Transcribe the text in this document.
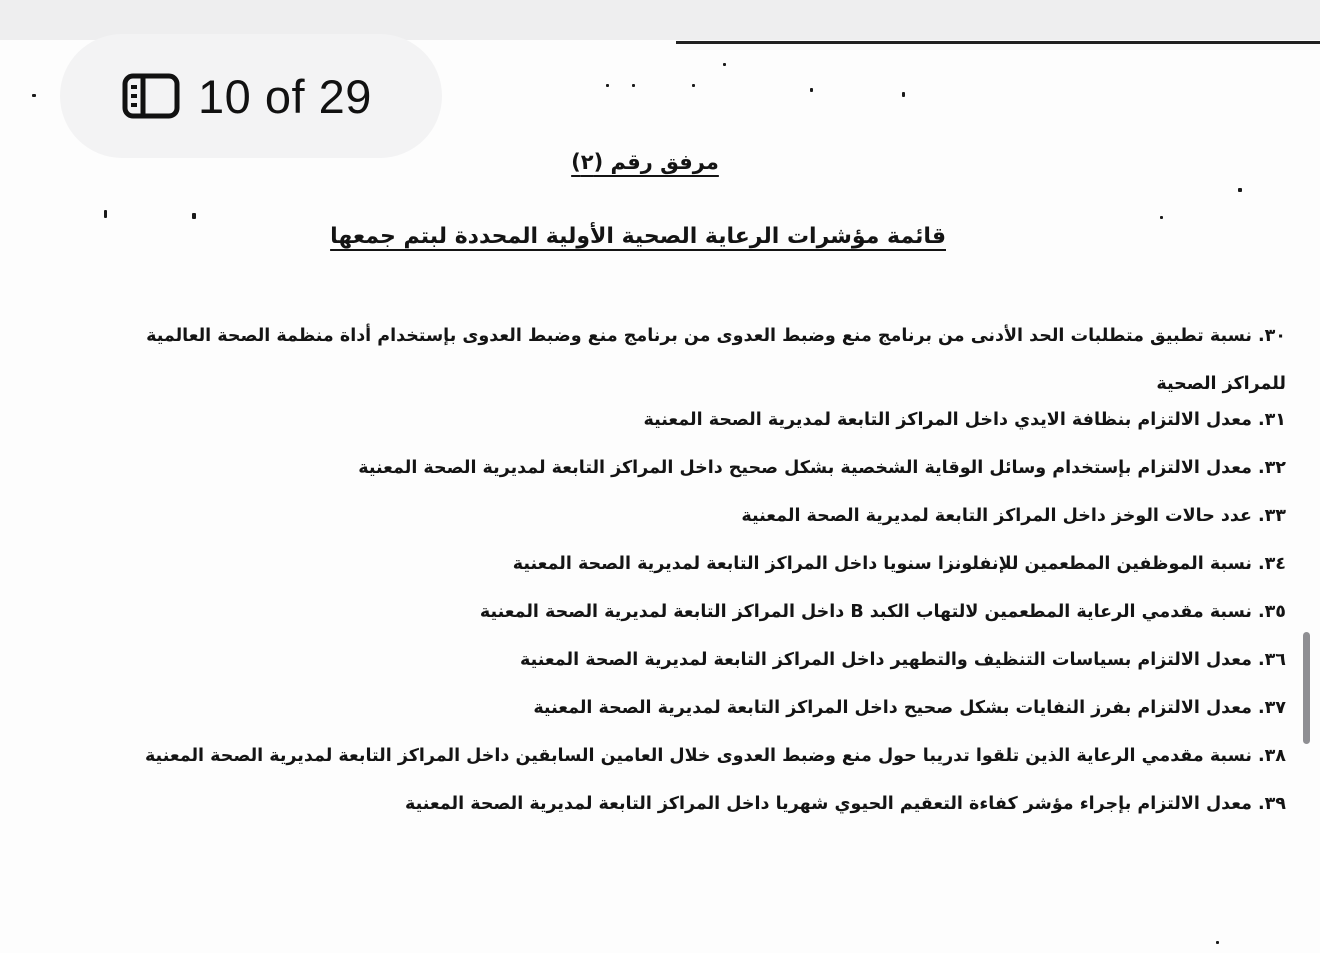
10 of 29
مرفق رقم (٢)
قائمة مؤشرات الرعاية الصحية الأولية المحددة لبتم جمعها
٣٠.نسبة تطبيق متطلبات الحد الأدنى من برنامج منع وضبط العدوى من برنامج منع وضبط العدوى بإستخدام أداة منظمة الصحة العالمية للمراكز الصحية
٣١.معدل الالتزام بنظافة الايدي داخل المراكز التابعة لمديرية الصحة المعنية
٣٢.معدل الالتزام بإستخدام وسائل الوقاية الشخصية بشكل صحيح داخل المراكز التابعة لمديرية الصحة المعنية
٣٣.عدد حالات الوخز داخل المراكز التابعة لمديرية الصحة المعنية
٣٤.نسبة الموظفين المطعمين للإنفلونزا سنويا داخل المراكز التابعة لمديرية الصحة المعنية
٣٥.نسبة مقدمي الرعاية المطعمين لالتهاب الكبد B داخل المراكز التابعة لمديرية الصحة المعنية
٣٦.معدل الالتزام بسياسات التنظيف والتطهير داخل المراكز التابعة لمديرية الصحة المعنية
٣٧.معدل الالتزام بفرز النفايات بشكل صحيح داخل المراكز التابعة لمديرية الصحة المعنية
٣٨.نسبة مقدمي الرعاية الذين تلقوا تدريبا حول منع وضبط العدوى خلال العامين السابقين داخل المراكز التابعة لمديرية الصحة المعنية
٣٩.معدل الالتزام بإجراء مؤشر كفاءة التعقيم الحيوي شهريا داخل المراكز التابعة لمديرية الصحة المعنية
